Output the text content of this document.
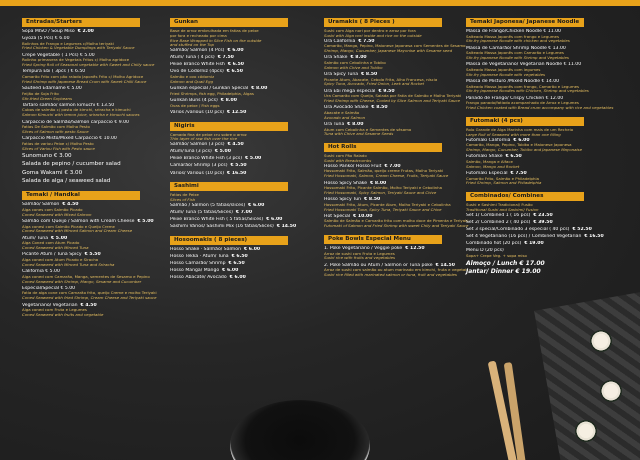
Entradas/Starters
Sopa MISO / Soup Miso € 2.00
Gyoza (5 Pcs) € 6.00
Bolinhos de Frango e Legumes c/Molho teriyaki
Fried Chicken & Vegetable Dumplings with Teriyaki Sauce
Crepe Vegetable ( 1 Pcs) € 5.00
Rolinho primavera de Vegetais Fritos c/ Molho agridoce
Fried Spring Roll of Seasonal vegetable with Sweet and Chilly sauce
Tempura Ebi ( 3pcs ) € 6.50
Camarão Frito com pão ralado Japonês Frito c/ Molho Agridoce
Fried Shrimp with Japanese Bread Crum with Sweet Chilli Sauce
Sauteed Edamame € 5.00
Feijão de Soja Frito
Stir-fried Green Soybeans
Tártaro salmão/ salmon kimuchi € 13.50
Cubos de salmão c/ pasta de kimchi, sriracha e kimuchi
Salmon Kimuchi with lemon juice, sriracha e kimuchi sauces
Carpaccio de Salmão/Salmon carpaccio € 9.00
Fatias De Salmão com Molho Pesto
Slices of Salmon with pesto Sauce
Carpaccio Misto/Mixed Carpaccio € 10.00
Fatias de variou Peixe c/ Molho Pesto
Slices of Variou Fish with Pesto sauce
Sunomuno € 3.00
Salada de pepino / cucumber salad
Goma Wakami € 3.00
Salada de alga / seaweed salad
Temaki / Handkal
Salmão/ Salmon € 4.50
Alga cones com Salmão Picado
Coned Seaweed with Mixed Salmon
Salmão com Queijo / Salmon with Cream Cheese € 5.00
Alga conesl com Salmão Picado e Queijo Creme
Coned Seaweed with Minced Salmon and Cream Cheese
Atum/ Tuna € 5.00
Alga Coned com Atum Picado
Coned Seaweed with Minced Tuna
Picante Atum / Tuna Spicy € 5.50
Alga coned com Atum Picado e Siracha
Coned Seaweed with Minced Tuna and Sriracha
California € 5.00
Alga coned com Camarão, Manga, sementes de Sesamo e Pepino
Coned Seaweed with Shrimp, Mango, Sesame and Cucumber
Especial/Special € 5.00
Fatia de alga cone com Camarão frito, queijo Creme e molho Teriyaki
Coned Seaweed with fried Shrimp, Cream Cheese and Teriyaki sauce
Vegetariano/ Vegetarian € 4.50
Alga coned com Fruta e Legumes
Coned Seaweed with fruits and vegetable
Gunkan
Base de arroz embrulhada em fatias de peixe
por fora e recheado por cima
Rice Base Wrapped in Slice Fish on the outside
and stuffed on the Top
Salmão/ Salmon (4 Pcs) € 6.00
Atum/ Tuna ( 4 pcs) € 7.50
Peixe Branco White Fish € 6.50
Ovo de Codorniz (4pcs) € 6.50
Salmão e ovo códorniz
Salmon and Quail Egg
Gunkan especial / Gunkan Special € 8.00
Fried Shrimps, fish egg, Philadelphia, Algas
Gunkan Buns (4 pcs) € 8.00
Ovas de peixe / Fish eggs
Vários /various (10 pcs) € 12.50
Nigiris
Camada fina de peixe cru sobre o arroz
Thin layer of raw fish over the rice
Salmão/ Salmon (3 pcs) € 4.50
Atum/Tuna (3 pcs) € 5.00
Peixe Branco White Fish (3 pcs) € 5.00
Camarão/ Shrimp (3 pcs) € 5.50
Vários/ Various (10 pcs) € 16.50
Sashimi
Fatias de Peixe
Slices of Fish
Salmão / Salmon (5 fatias/slices) € 6.00
Atum/ Tuna (5 fatias/Slices) € 7.00
Peixe Branco White Fish ( 5 fatias/Slices) € 6.00
Sashimi Vários/ Sashimi Mix (16 fatias/Slices) € 14.50
Hosoomakis ( 8 pieces)
Hosso Shake · Salmão/ Salmon € 6.00
Hosso Tekka · Atum/ Tuna € 6.50
Hosso Camarão/ Shrimp € 6.50
Hosso Manga/ Mango € 6.00
Hosso Abacate/ Avocado € 6.00
Uramakis ( 8 Pieces )
Sushi com Alga nori por dentro e arroz por fora
Sushi with Alga nori inside and rice on the outside
Ura California € 7.50
Camarão, Manga, Pepino, Maionese Japonesa com Sementes de Sesamo
Shrimp, Mango, Cucumber, Japanese Mayonise with Sesame seed
Ura Shake € 8.00
Salmão com Cebolinha e Tobiko
Salmon with Chive and Tobiko
Ura Spicy Tuna € 8.50
Picante Atum, Abacate, Cebola Frita, Alho Francesa, níscia
Spicy Tuna, Avocado, Fried Onion, Leek and Rocket
Ura Ebi mega especial € 9.50
Ura Camarão com Queijo, Salada por Fatia de Salmão e Molho Teriyaki
Fried Shrimp with Cheese, Cooled by Slice Salmon and Teriyaki Sauce
Ura Avocado Shake € 8.50
Abacate e Salmão
Avocado and Salmon
Ura Tuna € 8.00
Atum com Cebolinha e Sementes de sésamo
Tuna with Chive and Sesame Seeds
Hot Rolls
Sushi com Pão Ralado
Sushi with Breadcrumbs
Hosso Panko/ Hosso Fruit € 7.00
Hossomaki Frito, Salmão, queijo creme Frutas, Molho Teriyaki
Fried Hossomaki, Salmon, Cream Cheese, Fruits, Teriyaki Sauce
Hosso Spicy Shake € 8.00
Hossomaki Frito, Picante Salmão, Molho Teriyaki e Cebolinha
Fried Hossomaki, Spicy Salmon, Teriyaki Sauce and Chive
Hosso Spicy Tun € 8.50
Hossomaki Frito, Atum, Picante Atum, Molho Teriyaki e Cebolinha
Fried Hossomaki Tuna, Spicy Tuna, Teriyaki Sauce and Chive
Hot Special € 10.00
Salmão de Salmão e Camarão frito com molho doce de Pimenta e Teriyaki
Futomaki of Salmon and Fried Shrimp with sweet Chily and Teriyaki Sauce
Poke Bowls Especial Menu
1. Poke Vegetariano / Veggie poke € 12.50
Arroz de sushi com Fruta e Legumes
Sushi rice with fruits and vegetables
2. Poke Salmão ou Atum / Salmon or Tuna poke € 14.50
Arroz de sushi com salmão ou atum marinado em kimchi, fruta e vegetais
Sushi rice filled with marinated salmon or tuna, fruit and vegetables
Temaki Japonesa/ Japanese Noodle
Massa de Frango/Chicken Noodle € 11.00
Salteado Massa Japonês com frango e Legumes
Stir-fry Japanese Noodle with chicken and vegetables
Massa de Camarão/ Shrimp Noodle € 13.00
Salteado Massa Japonês com Camarão e Legumes
Stir-fry Japanese Noodle with Shrimp and Vegetables
Massa de Vegetariano/ Vegetarian Noodle € 11.00
Salteado Massa Japonês com legumes
Stir-fry Japanese Noodle with vegetables
Massa de Misturo /Mixed Noodle € 14.00
Salteado Massa Japonês com frango, Camarão e Legumes
Stir-fry Japanese Noodles with Chicken, Shrimp and vegetables
Panado de Frango/ Crispy Chicken € 12.00
Frango panado/fatiado acompanhado de Arroz e Legumes
Fried Chicken coated with Bread crum accompany with rice and vegetables
Futomaki (4 pcs)
Rolo Grande de Alga Marinha com mais de um Recheio
Large Roll of Seaweed with more than one filling
Futomaki California € 6.00
Camarão, Manga, Pepino, Tobiko e Maionese Japonesa
Shrimp, Mango, Cucumber, Tobiko and Japanese Mayonaise
Futomaki Shake € 6.50
Salmão, Manga e Alface
Salmon, Mango and Rocket
Futomaki Especial € 7.50
Camarão Frito, Salmão e Philadelphia
Fried Shrimp, Salmon and Philadelphia
Combinados/ Combines
Sushi e Sashimi Tradicional/ Fusão
Traditional Sushi and Sashimi/ Fusion
Set 1/ Combined 1 ( 16 pcs) € 23.50
Set 2/ Combined 2 ( 40 pcs) € 39.50
Set 3 special/Combinado 3 especial ( 40 pcs) € 52.50
Set 4 Vegetariano (16 pcs) / Combined Vegetarian € 16.50
Combinado hot (20 pcs) € 19.00
Menu D (20 pcs)
Sopa+ Crepe Veg. + sopa miso
Almoço / Lunch € 17.00
Jantar/ Dinner € 19.00
